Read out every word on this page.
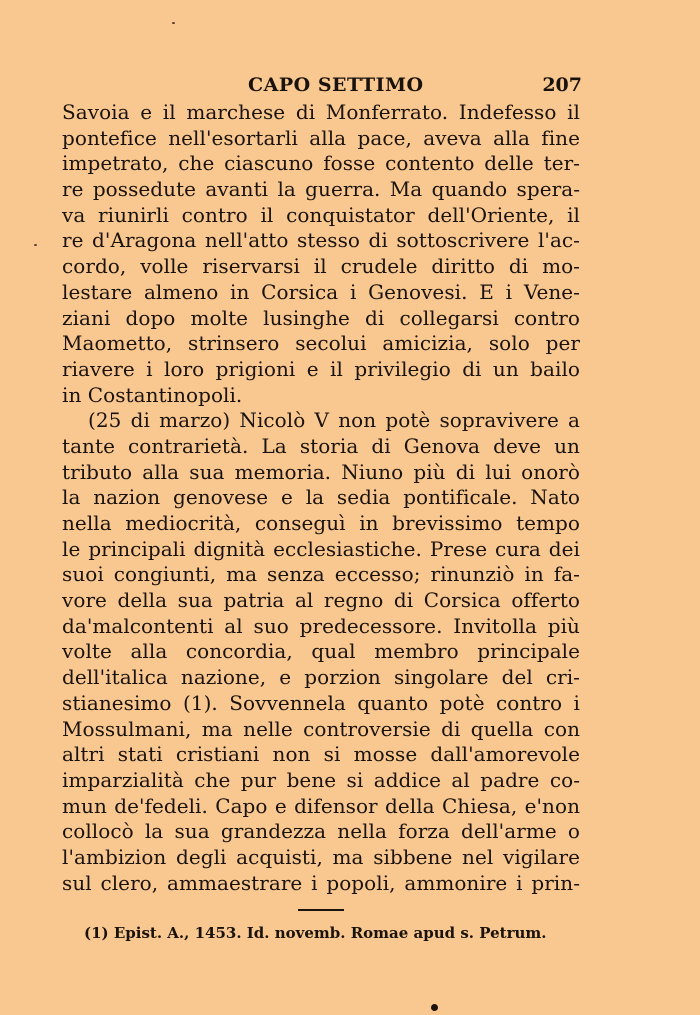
CAPO SETTIMO	207
Savoia e il marchese di Monferrato. Indefesso il
pontefice nell'esortarli alla pace, aveva alla fine
impetrato, che ciascuno fosse contento delle ter-
re possedute avanti la guerra. Ma quando spera-
va riunirli contro il conquistator dell'Oriente, il
re d'Aragona nell'atto stesso di sottoscrivere l'ac-
cordo, volle riservarsi il crudele diritto di mo-
lestare almeno in Corsica i Genovesi. E i Vene-
ziani dopo molte lusinghe di collegarsi contro
Maometto, strinsero secolui amicizia, solo per
riavere i loro prigioni e il privilegio di un bailo
in Costantinopoli.
(25 di marzo) Nicolò V non potè sopravivere a
tante contrarietà. La storia di Genova deve un
tributo alla sua memoria. Niuno più di lui onorò
la nazion genovese e la sedia pontificale. Nato
nella mediocrità, conseguì in brevissimo tempo
le principali dignità ecclesiastiche. Prese cura dei
suoi congiunti, ma senza eccesso; rinunziò in fa-
vore della sua patria al regno di Corsica offerto
da'malcontenti al suo predecessore. Invitolla più
volte alla concordia, qual membro principale
dell'italica nazione, e porzion singolare del cri-
stianesimo (1). Sovvennela quanto potè contro i
Mossulmani, ma nelle controversie di quella con
altri stati cristiani non si mosse dall'amorevole
imparzialità che pur bene si addice al padre co-
mun de'fedeli. Capo e difensor della Chiesa, e'non
collocò la sua grandezza nella forza dell'arme o
l'ambizion degli acquisti, ma sibbene nel vigilare
sul clero, ammaestrare i popoli, ammonire i prin-
(1) Epist. A., 1453. Id. novemb. Romae apud s. Petrum.
